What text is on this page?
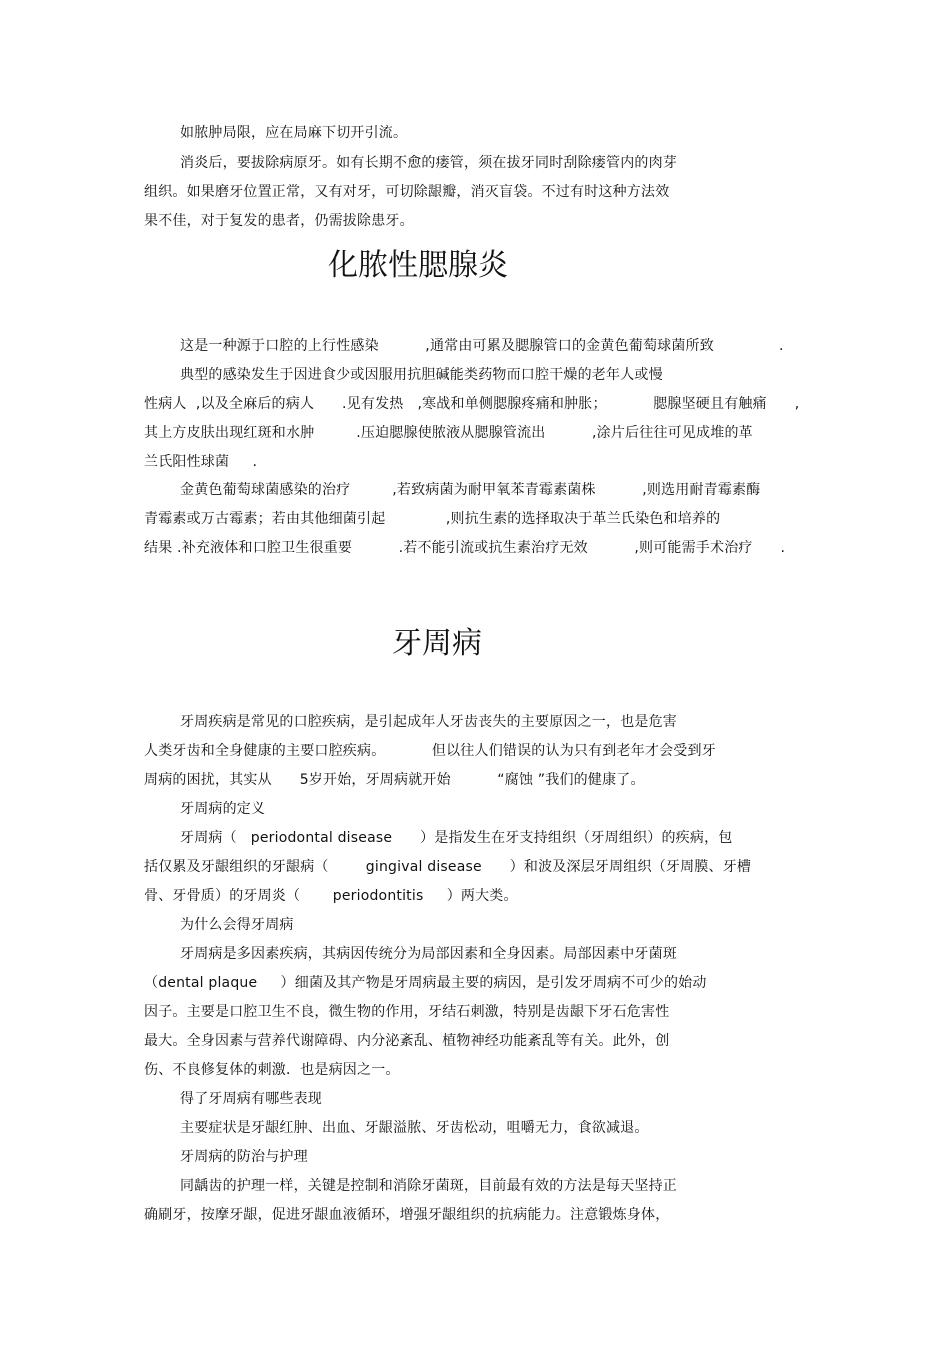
如脓肿局限，应在局麻下切开引流。
消炎后，要拔除病原牙。如有长期不愈的瘘管，须在拔牙同时刮除瘘管内的肉芽
组织。如果磨牙位置正常，又有对牙，可切除龈瓣，消灭盲袋。不过有时这种方法效
果不佳，对于复发的患者，仍需拔除患牙。
化脓性腮腺炎
这是一种源于口腔的上行性感染          ,通常由可累及腮腺管口的金黄色葡萄球菌所致              .
典型的感染发生于因进食少或因服用抗胆碱能类药物而口腔干燥的老年人或慢
性病人  ,以及全麻后的病人      .见有发热   ,寒战和单侧腮腺疼痛和肿胀；          腮腺坚硬且有触痛      ,
其上方皮肤出现红斑和水肿         .压迫腮腺使脓液从腮腺管流出          ,涂片后往往可见成堆的革
兰氏阳性球菌     .
金黄色葡萄球菌感染的治疗         ,若致病菌为耐甲氧苯青霉素菌株          ,则选用耐青霉素酶
青霉素或万古霉素；若由其他细菌引起             ,则抗生素的选择取决于革兰氏染色和培养的
结果 .补充液体和口腔卫生很重要          .若不能引流或抗生素治疗无效          ,则可能需手术治疗      .
牙周病
牙周疾病是常见的口腔疾病，是引起成年人牙齿丧失的主要原因之一，也是危害
人类牙齿和全身健康的主要口腔疾病。          但以往人们错误的认为只有到老年才会受到牙
周病的困扰，其实从      5岁开始，牙周病就开始          “腐蚀 ”我们的健康了。
牙周病的定义
牙周病（   periodontal disease      ）是指发生在牙支持组织（牙周组织）的疾病，包
括仅累及牙龈组织的牙龈病（        gingival disease      ）和波及深层牙周组织（牙周膜、牙槽
骨、牙骨质）的牙周炎（       periodontitis     ）两大类。
为什么会得牙周病
牙周病是多因素疾病，其病因传统分为局部因素和全身因素。局部因素中牙菌斑
（dental plaque     ）细菌及其产物是牙周病最主要的病因，是引发牙周病不可少的始动
因子。主要是口腔卫生不良，微生物的作用，牙结石刺激，特别是齿龈下牙石危害性
最大。全身因素与营养代谢障碍、内分泌紊乱、植物神经功能紊乱等有关。此外，创
伤、不良修复体的刺激．也是病因之一。
得了牙周病有哪些表现
主要症状是牙龈红肿、出血、牙龈溢脓、牙齿松动，咀嚼无力，食欲减退。
牙周病的防治与护理
同龋齿的护理一样，关键是控制和消除牙菌斑，目前最有效的方法是每天坚持正
确刷牙，按摩牙龈，促进牙龈血液循环，增强牙龈组织的抗病能力。注意锻炼身体，
